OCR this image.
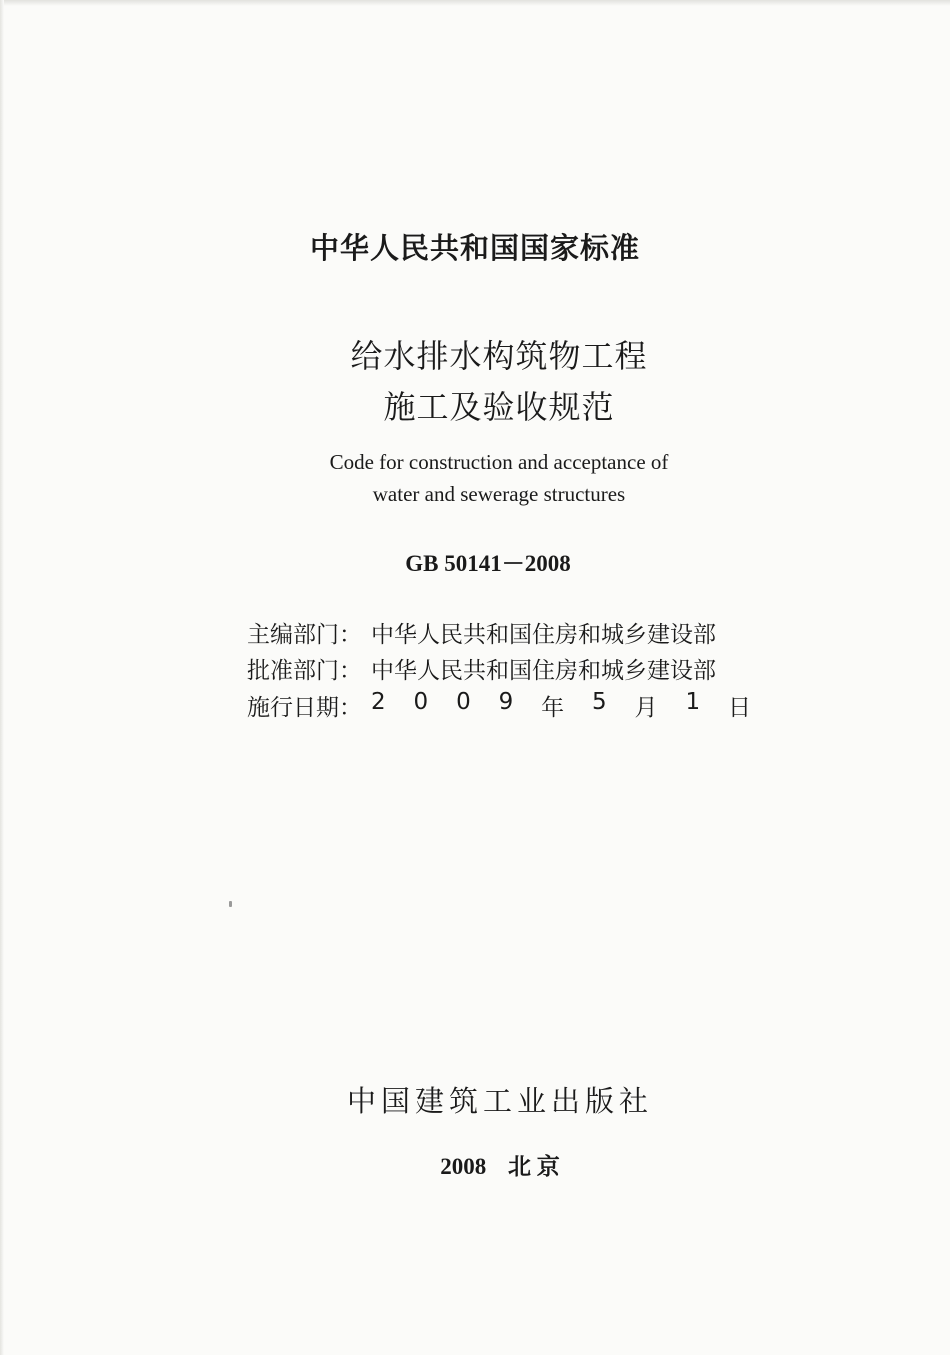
中华人民共和国国家标准
给水排水构筑物工程
施工及验收规范
Code for construction and acceptance of
water and sewerage structures
GB 50141－2008
主编部门： 中华人民共和国住房和城乡建设部
批准部门： 中华人民共和国住房和城乡建设部
施行日期： 2 0 0 9 年 5 月 1 日
中国建筑工业出版社
2008 北 京
